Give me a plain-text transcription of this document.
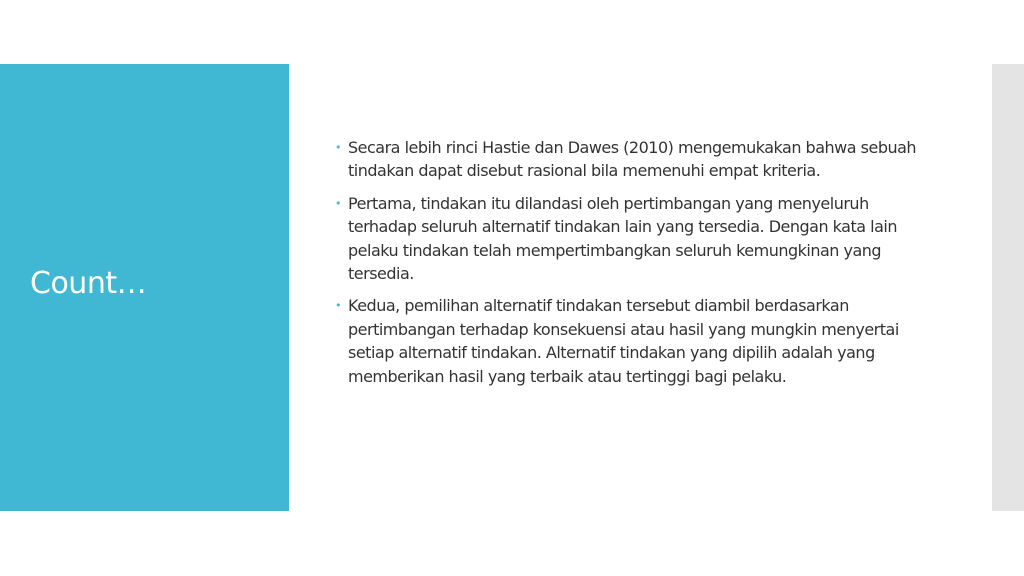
Count…
• Secara lebih rinci Hastie dan Dawes (2010) mengemukakan bahwa sebuah tindakan dapat disebut rasional bila memenuhi empat kriteria.
• Pertama, tindakan itu dilandasi oleh pertimbangan yang menyeluruh terhadap seluruh alternatif tindakan lain yang tersedia. Dengan kata lain pelaku tindakan telah mempertimbangkan seluruh kemungkinan yang tersedia.
• Kedua, pemilihan alternatif tindakan tersebut diambil berdasarkan pertimbangan terhadap konsekuensi atau hasil yang mungkin menyertai setiap alternatif tindakan. Alternatif tindakan yang dipilih adalah yang memberikan hasil yang terbaik atau tertinggi bagi pelaku.
